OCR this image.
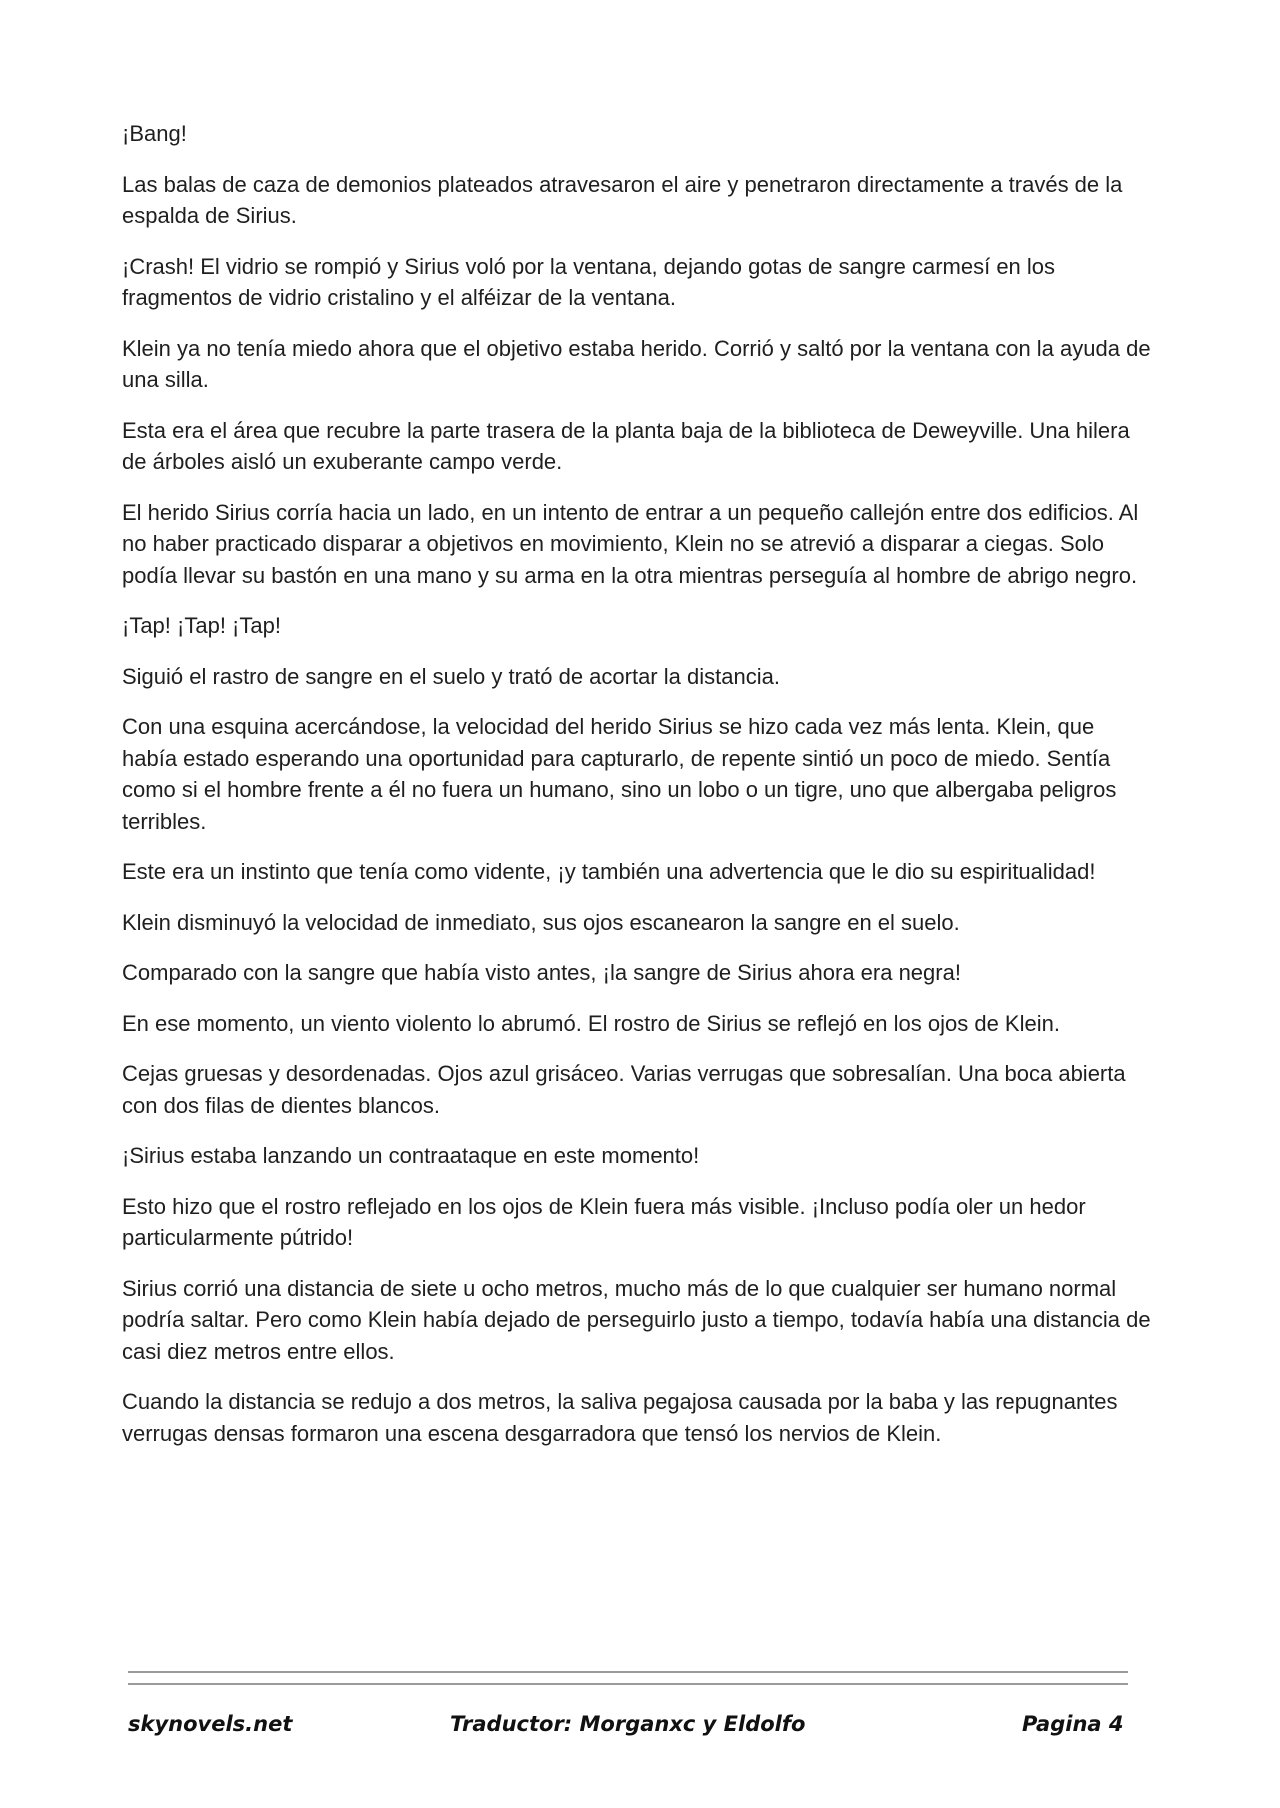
¡Bang!

Las balas de caza de demonios plateados atravesaron el aire y penetraron directamente a través de la espalda de Sirius.

¡Crash! El vidrio se rompió y Sirius voló por la ventana, dejando gotas de sangre carmesí en los fragmentos de vidrio cristalino y el alféizar de la ventana.

Klein ya no tenía miedo ahora que el objetivo estaba herido. Corrió y saltó por la ventana con la ayuda de una silla.

Esta era el área que recubre la parte trasera de la planta baja de la biblioteca de Deweyville. Una hilera de árboles aisló un exuberante campo verde.

El herido Sirius corría hacia un lado, en un intento de entrar a un pequeño callejón entre dos edificios. Al no haber practicado disparar a objetivos en movimiento, Klein no se atrevió a disparar a ciegas. Solo podía llevar su bastón en una mano y su arma en la otra mientras perseguía al hombre de abrigo negro.

¡Tap! ¡Tap! ¡Tap!

Siguió el rastro de sangre en el suelo y trató de acortar la distancia.

Con una esquina acercándose, la velocidad del herido Sirius se hizo cada vez más lenta. Klein, que había estado esperando una oportunidad para capturarlo, de repente sintió un poco de miedo. Sentía como si el hombre frente a él no fuera un humano, sino un lobo o un tigre, uno que albergaba peligros terribles.

Este era un instinto que tenía como vidente, ¡y también una advertencia que le dio su espiritualidad!

Klein disminuyó la velocidad de inmediato, sus ojos escanearon la sangre en el suelo.

Comparado con la sangre que había visto antes, ¡la sangre de Sirius ahora era negra!

En ese momento, un viento violento lo abrumó. El rostro de Sirius se reflejó en los ojos de Klein.

Cejas gruesas y desordenadas. Ojos azul grisáceo. Varias verrugas que sobresalían. Una boca abierta con dos filas de dientes blancos.

¡Sirius estaba lanzando un contraataque en este momento!

Esto hizo que el rostro reflejado en los ojos de Klein fuera más visible. ¡Incluso podía oler un hedor particularmente pútrido!

Sirius corrió una distancia de siete u ocho metros, mucho más de lo que cualquier ser humano normal podría saltar. Pero como Klein había dejado de perseguirlo justo a tiempo, todavía había una distancia de casi diez metros entre ellos.

Cuando la distancia se redujo a dos metros, la saliva pegajosa causada por la baba y las repugnantes verrugas densas formaron una escena desgarradora que tensó los nervios de Klein.

skynovels.net	Traductor: Morganxc y Eldolfo	Pagina 4
